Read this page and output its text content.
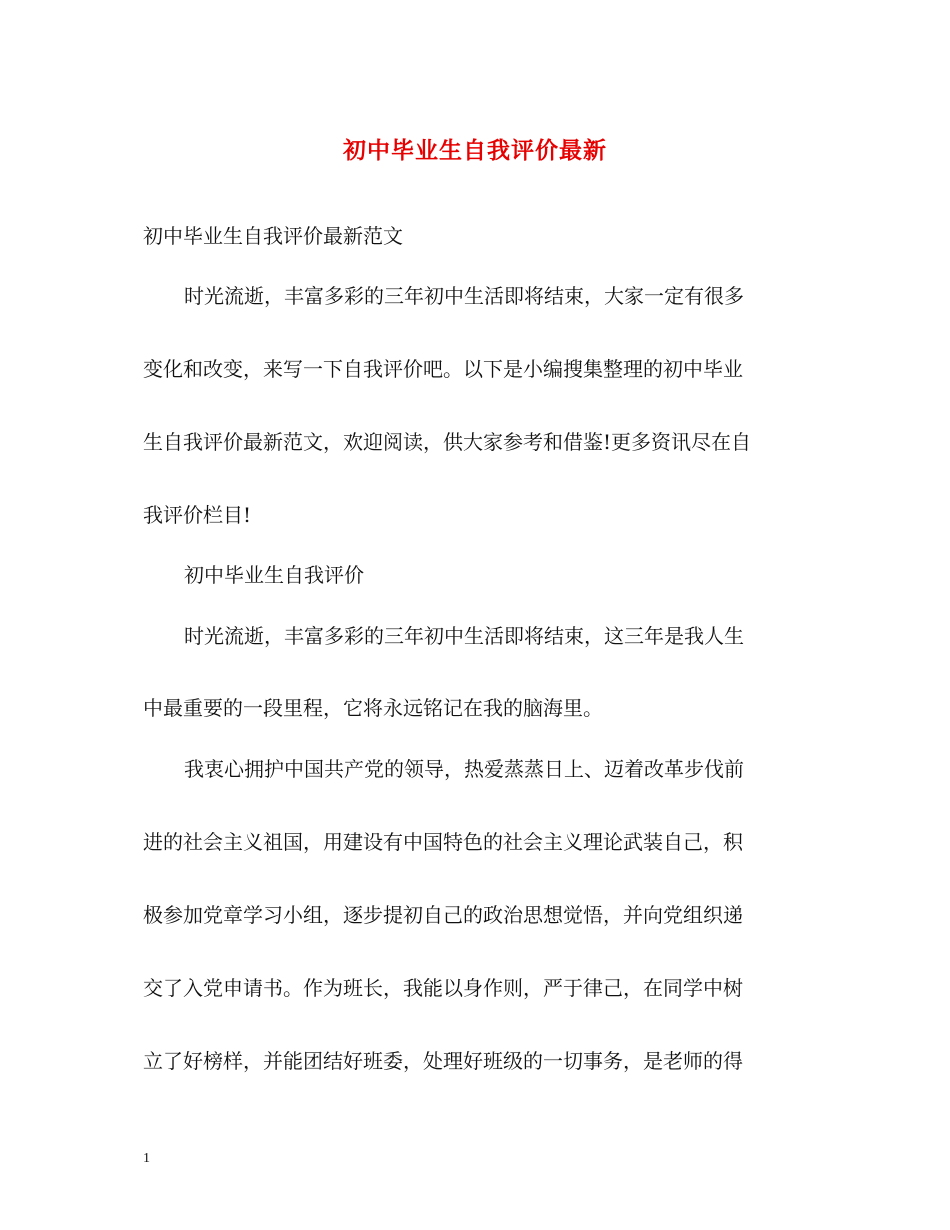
初中毕业生自我评价最新
初中毕业生自我评价最新范文
时光流逝，丰富多彩的三年初中生活即将结束，大家一定有很多
变化和改变，来写一下自我评价吧。以下是小编搜集整理的初中毕业
生自我评价最新范文，欢迎阅读，供大家参考和借鉴!更多资讯尽在自
我评价栏目!
初中毕业生自我评价
时光流逝，丰富多彩的三年初中生活即将结束，这三年是我人生
中最重要的一段里程，它将永远铭记在我的脑海里。
我衷心拥护中国共产党的领导，热爱蒸蒸日上、迈着改革步伐前
进的社会主义祖国，用建设有中国特色的社会主义理论武装自己，积
极参加党章学习小组，逐步提初自己的政治思想觉悟，并向党组织递
交了入党申请书。作为班长，我能以身作则，严于律己，在同学中树
立了好榜样，并能团结好班委，处理好班级的一切事务，是老师的得
1
